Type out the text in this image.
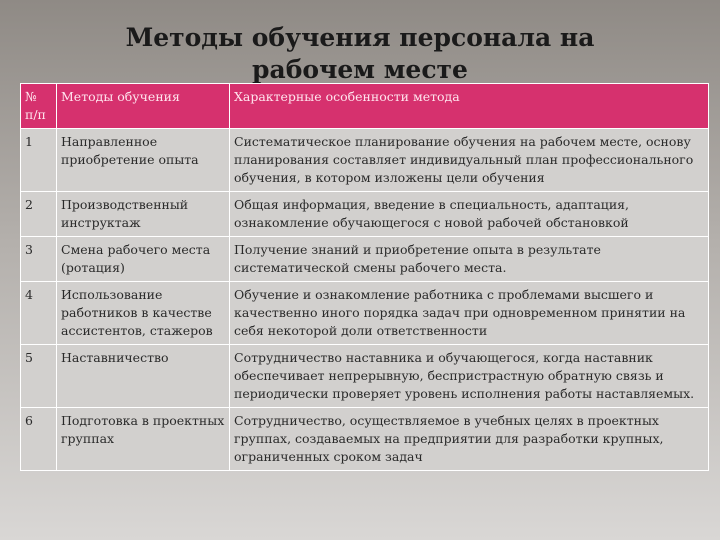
Методы обучения персонала на рабочем месте
№ п/п	Методы обучения	Характерные особенности метода
1	Направленное приобретение опыта	Систематическое планирование обучения на рабочем месте, основу планирования составляет индивидуальный план профессионального обучения, в котором изложены цели обучения
2	Производственный инструктаж	Общая информация, введение в специальность, адаптация, ознакомление обучающегося с новой рабочей обстановкой
3	Смена рабочего места (ротация)	Получение знаний и приобретение опыта в результате систематической смены рабочего места.
4	Использование работников в качестве ассистентов, стажеров	Обучение и ознакомление работника с проблемами высшего и качественно иного порядка задач при одновременном принятии на себя некоторой доли ответственности
5	Наставничество	Сотрудничество наставника и обучающегося, когда наставник обеспечивает непрерывную, беспристрастную обратную связь и периодически проверяет уровень исполнения работы наставляемых.
6	Подготовка в проектных группах	Сотрудничество, осуществляемое в учебных целях в проектных группах, создаваемых на предприятии для разработки крупных, ограниченных сроком задач
